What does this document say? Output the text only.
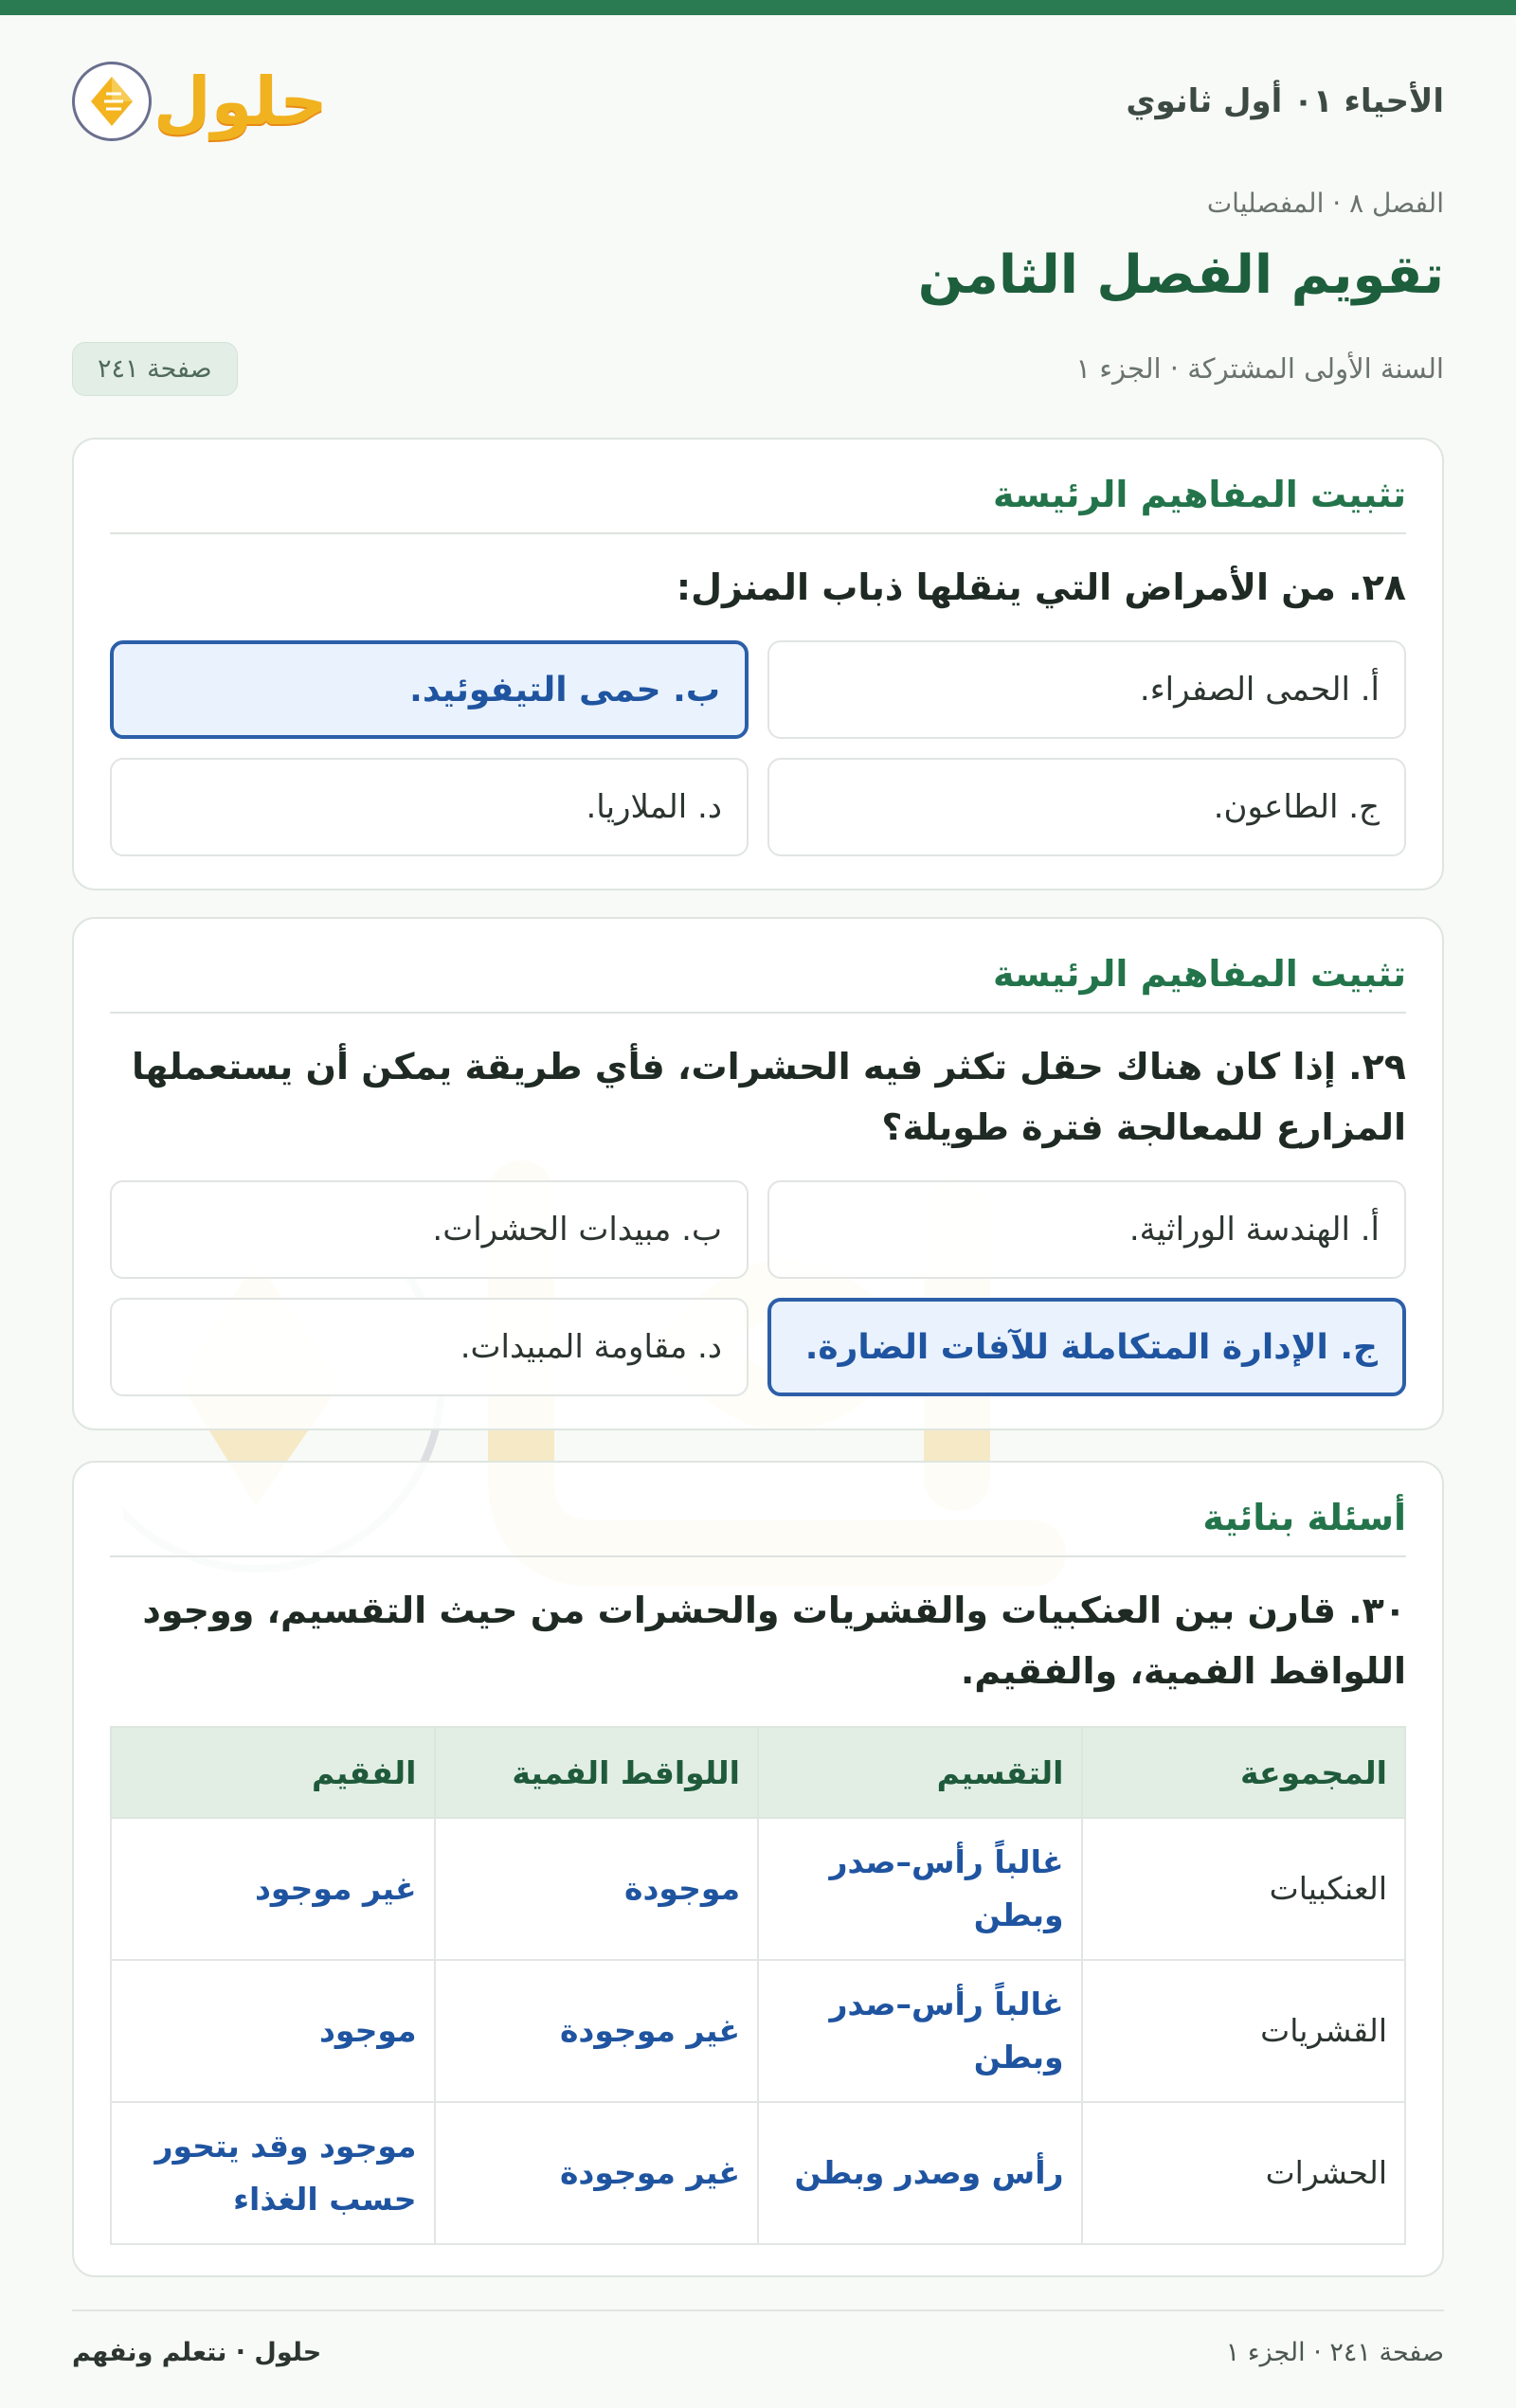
الأحياء ٠١ أول ثانوي
حلول
الفصل ٨ · المفصليات
تقويم الفصل الثامن
السنة الأولى المشتركة · الجزء ١
صفحة ٢٤١
تثبيت المفاهيم الرئيسة

٢٨. من الأمراض التي ينقلها ذباب المنزل:

أ. الحمى الصفراء.
ب. حمى التيفوئيد.
ج. الطاعون.
د. الملاريا.
تثبيت المفاهيم الرئيسة

٢٩. إذا كان هناك حقل تكثر فيه الحشرات، فأي طريقة يمكن أن يستعملها المزارع للمعالجة فترة طويلة؟

أ. الهندسة الوراثية.
ب. مبيدات الحشرات.
ج. الإدارة المتكاملة للآفات الضارة.
د. مقاومة المبيدات.
أسئلة بنائية

٣٠. قارن بين العنكبيات والقشريات والحشرات من حيث التقسيم، ووجود اللواقط الفمية، والفقيم.

المجموعة	التقسيم	اللواقط الفمية	الفقيم
العنكبيات	غالباً رأس–صدر وبطن	موجودة	غير موجود
القشريات	غالباً رأس–صدر وبطن	غير موجودة	موجود
الحشرات	رأس وصدر وبطن	غير موجودة	موجود وقد يتحور حسب الغذاء
صفحة ٢٤١ · الجزء ١
حلول · نتعلم ونفهم
